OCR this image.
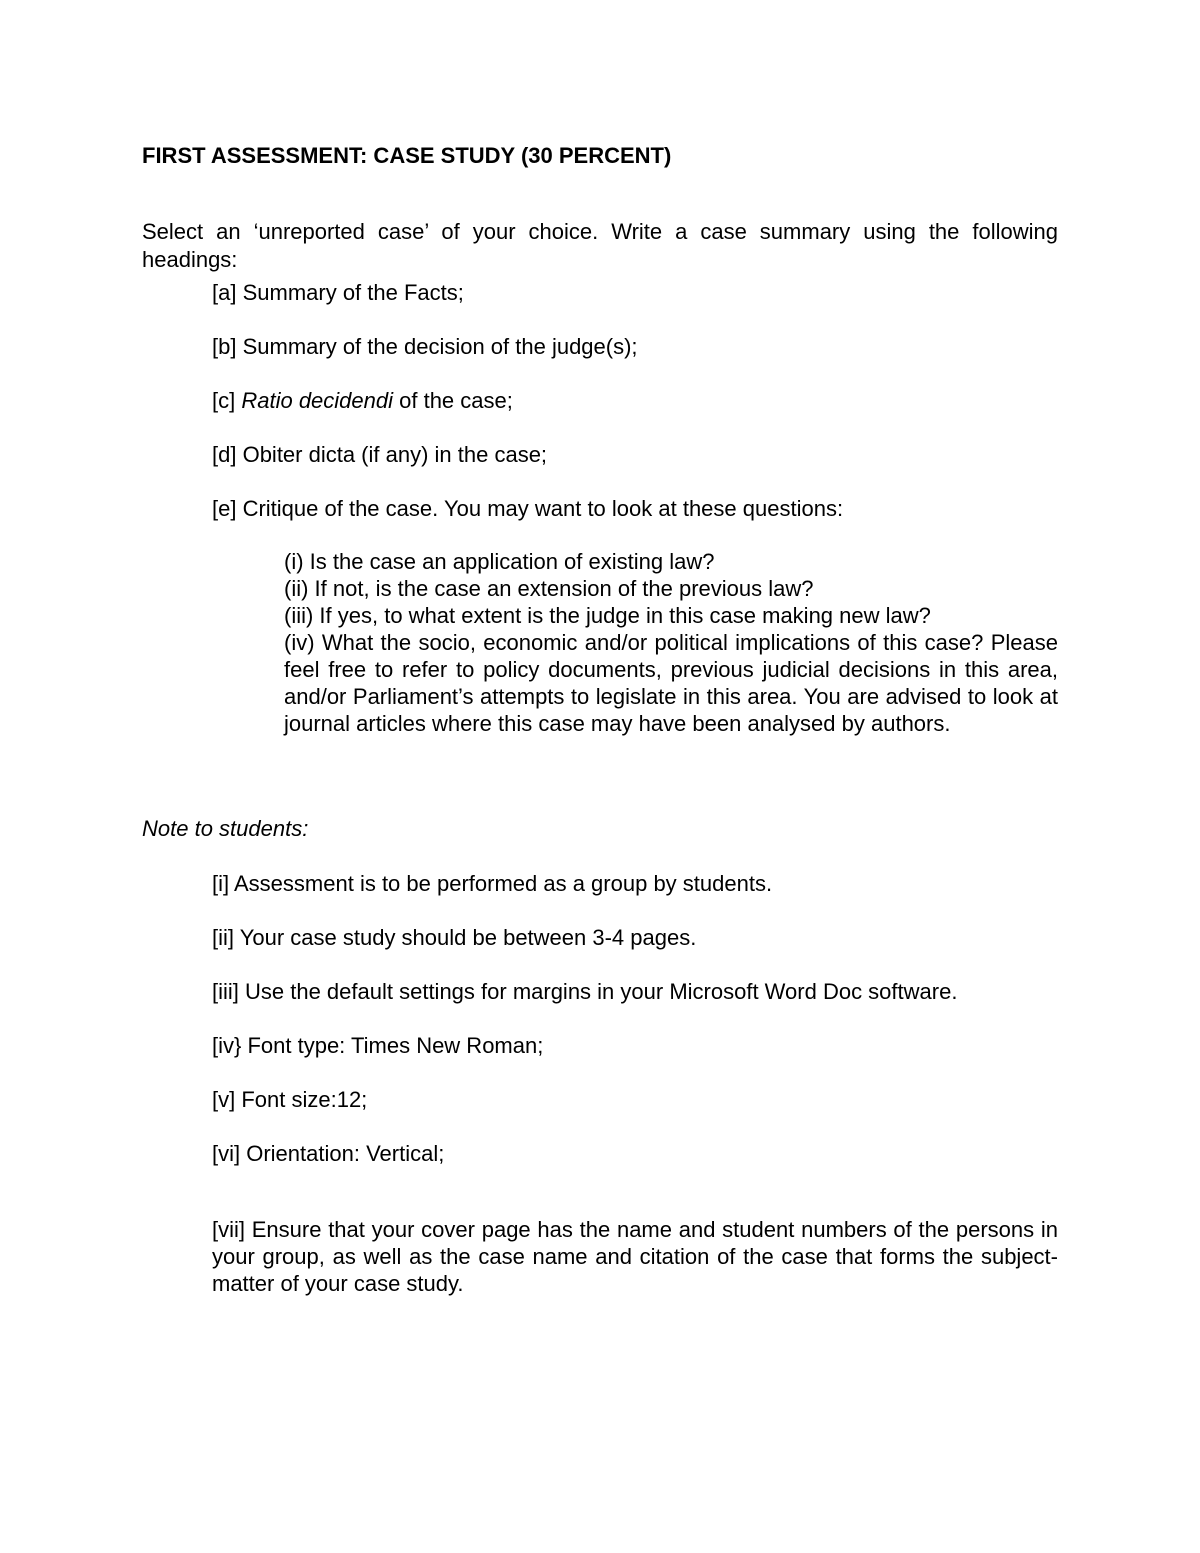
FIRST ASSESSMENT: CASE STUDY (30 PERCENT)

Select an ‘unreported case’ of your choice. Write a case summary using the following headings:

[a] Summary of the Facts;

[b] Summary of the decision of the judge(s);

[c] Ratio decidendi of the case;

[d] Obiter dicta (if any) in the case;

[e] Critique of the case. You may want to look at these questions:

(i) Is the case an application of existing law?

(ii) If not, is the case an extension of the previous law?

(iii) If yes, to what extent is the judge in this case making new law?

(iv) What the socio, economic and/or political implications of this case? Please feel free to refer to policy documents, previous judicial decisions in this area, and/or Parliament’s attempts to legislate in this area. You are advised to look at journal articles where this case may have been analysed by authors.

Note to students:

[i] Assessment is to be performed as a group by students.

[ii] Your case study should be between 3-4 pages.

[iii] Use the default settings for margins in your Microsoft Word Doc software.

[iv} Font type: Times New Roman;

[v] Font size:12;

[vi] Orientation: Vertical;

[vii] Ensure that your cover page has the name and student numbers of the persons in your group, as well as the case name and citation of the case that forms the subject-matter of your case study.
